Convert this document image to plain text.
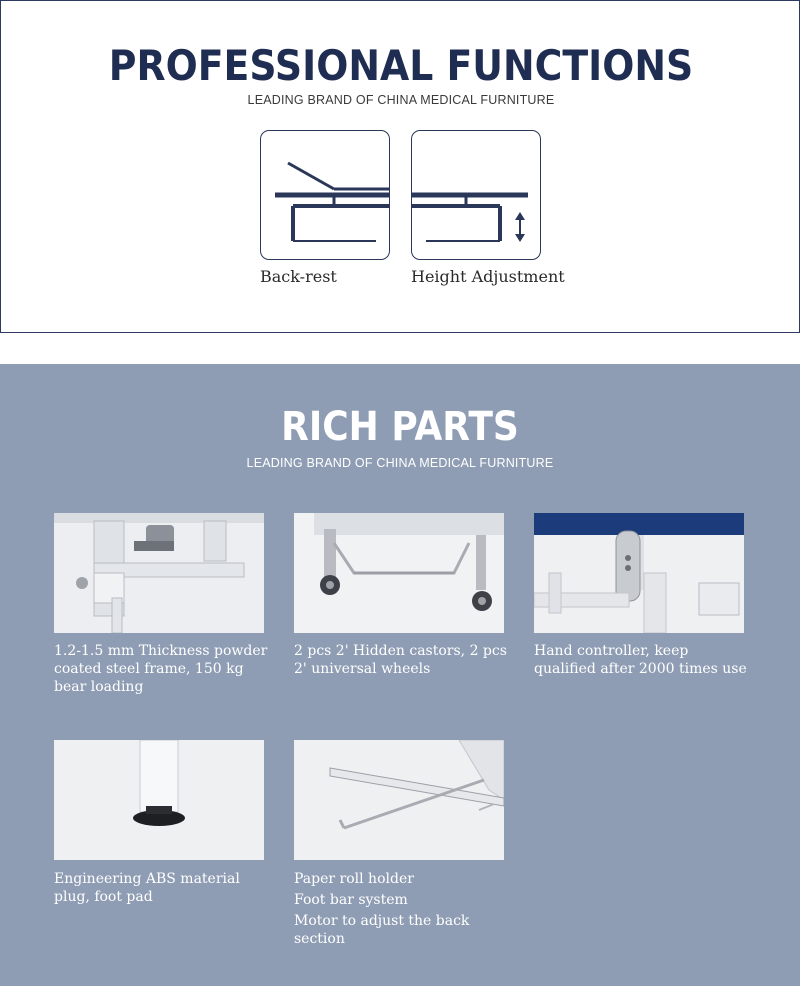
PROFESSIONAL FUNCTIONS
LEADING BRAND OF CHINA MEDICAL FURNITURE
Back-rest	Height Adjustment
RICH PARTS
LEADING BRAND OF CHINA MEDICAL FURNITURE
1.2-1.5 mm Thickness powder coated steel frame, 150 kg bear loading
2 pcs 2' Hidden castors, 2 pcs 2' universal wheels
Hand controller, keep qualified after 2000 times use
Engineering ABS material plug, foot pad
Paper roll holder
Foot bar system
Motor to adjust the back section
